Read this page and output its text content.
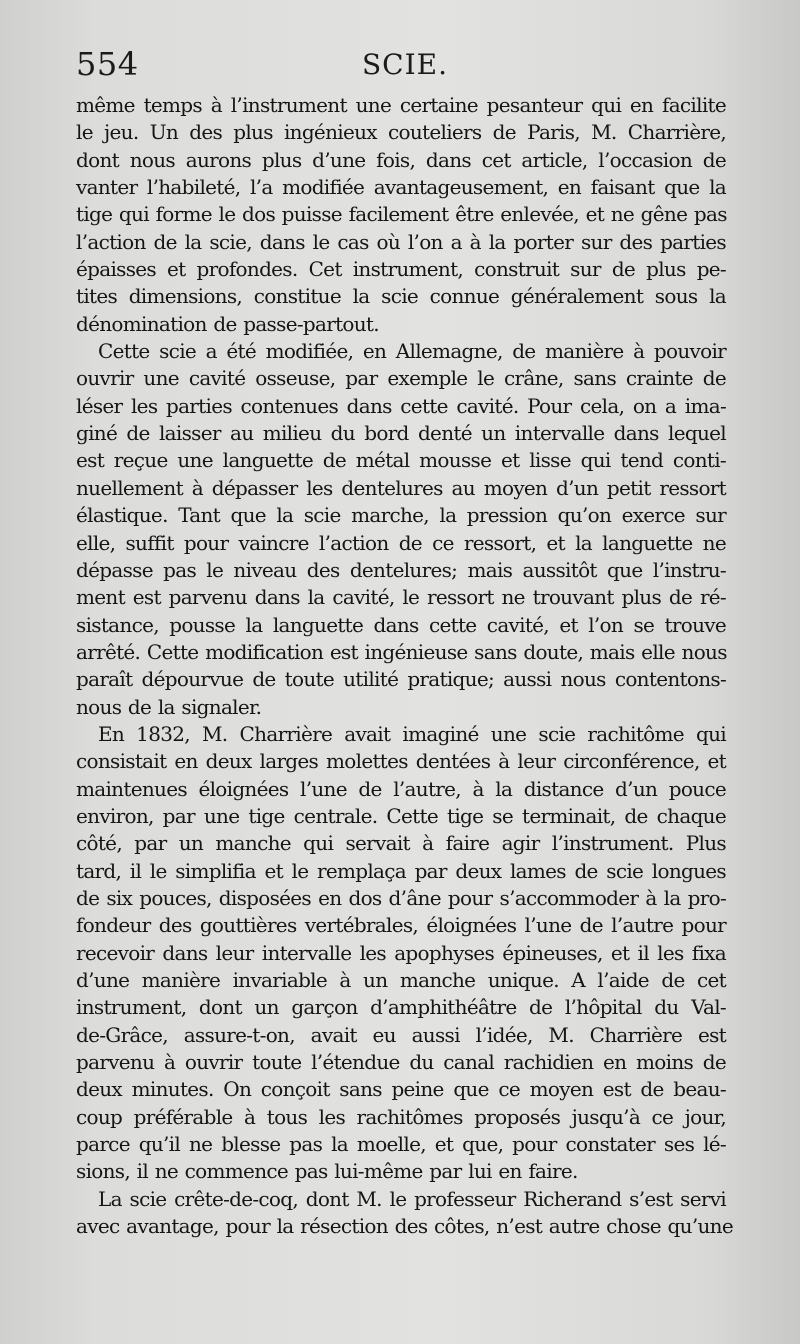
554	SCIE.
même temps à l’instrument une certaine pesanteur qui en facilite
le jeu. Un des plus ingénieux couteliers de Paris, M. Charrière,
dont nous aurons plus d’une fois, dans cet article, l’occasion de
vanter l’habileté, l’a modifiée avantageusement, en faisant que la
tige qui forme le dos puisse facilement être enlevée, et ne gêne pas
l’action de la scie, dans le cas où l’on a à la porter sur des parties
épaisses et profondes. Cet instrument, construit sur de plus pe-
tites dimensions, constitue la scie connue généralement sous la
dénomination de passe-partout.
Cette scie a été modifiée, en Allemagne, de manière à pouvoir
ouvrir une cavité osseuse, par exemple le crâne, sans crainte de
léser les parties contenues dans cette cavité. Pour cela, on a ima-
giné de laisser au milieu du bord denté un intervalle dans lequel
est reçue une languette de métal mousse et lisse qui tend conti-
nuellement à dépasser les dentelures au moyen d’un petit ressort
élastique. Tant que la scie marche, la pression qu’on exerce sur
elle, suffit pour vaincre l’action de ce ressort, et la languette ne
dépasse pas le niveau des dentelures; mais aussitôt que l’instru-
ment est parvenu dans la cavité, le ressort ne trouvant plus de ré-
sistance, pousse la languette dans cette cavité, et l’on se trouve
arrêté. Cette modification est ingénieuse sans doute, mais elle nous
paraît dépourvue de toute utilité pratique; aussi nous contentons-
nous de la signaler.
En 1832, M. Charrière avait imaginé une scie rachitôme qui
consistait en deux larges molettes dentées à leur circonférence, et
maintenues éloignées l’une de l’autre, à la distance d’un pouce
environ, par une tige centrale. Cette tige se terminait, de chaque
côté, par un manche qui servait à faire agir l’instrument. Plus
tard, il le simplifia et le remplaça par deux lames de scie longues
de six pouces, disposées en dos d’âne pour s’accommoder à la pro-
fondeur des gouttières vertébrales, éloignées l’une de l’autre pour
recevoir dans leur intervalle les apophyses épineuses, et il les fixa
d’une manière invariable à un manche unique. A l’aide de cet
instrument, dont un garçon d’amphithéâtre de l’hôpital du Val-
de-Grâce, assure-t-on, avait eu aussi l’idée, M. Charrière est
parvenu à ouvrir toute l’étendue du canal rachidien en moins de
deux minutes. On conçoit sans peine que ce moyen est de beau-
coup préférable à tous les rachitômes proposés jusqu’à ce jour,
parce qu’il ne blesse pas la moelle, et que, pour constater ses lé-
sions, il ne commence pas lui-même par lui en faire.
La scie crête-de-coq, dont M. le professeur Richerand s’est servi
avec avantage, pour la résection des côtes, n’est autre chose qu’une
